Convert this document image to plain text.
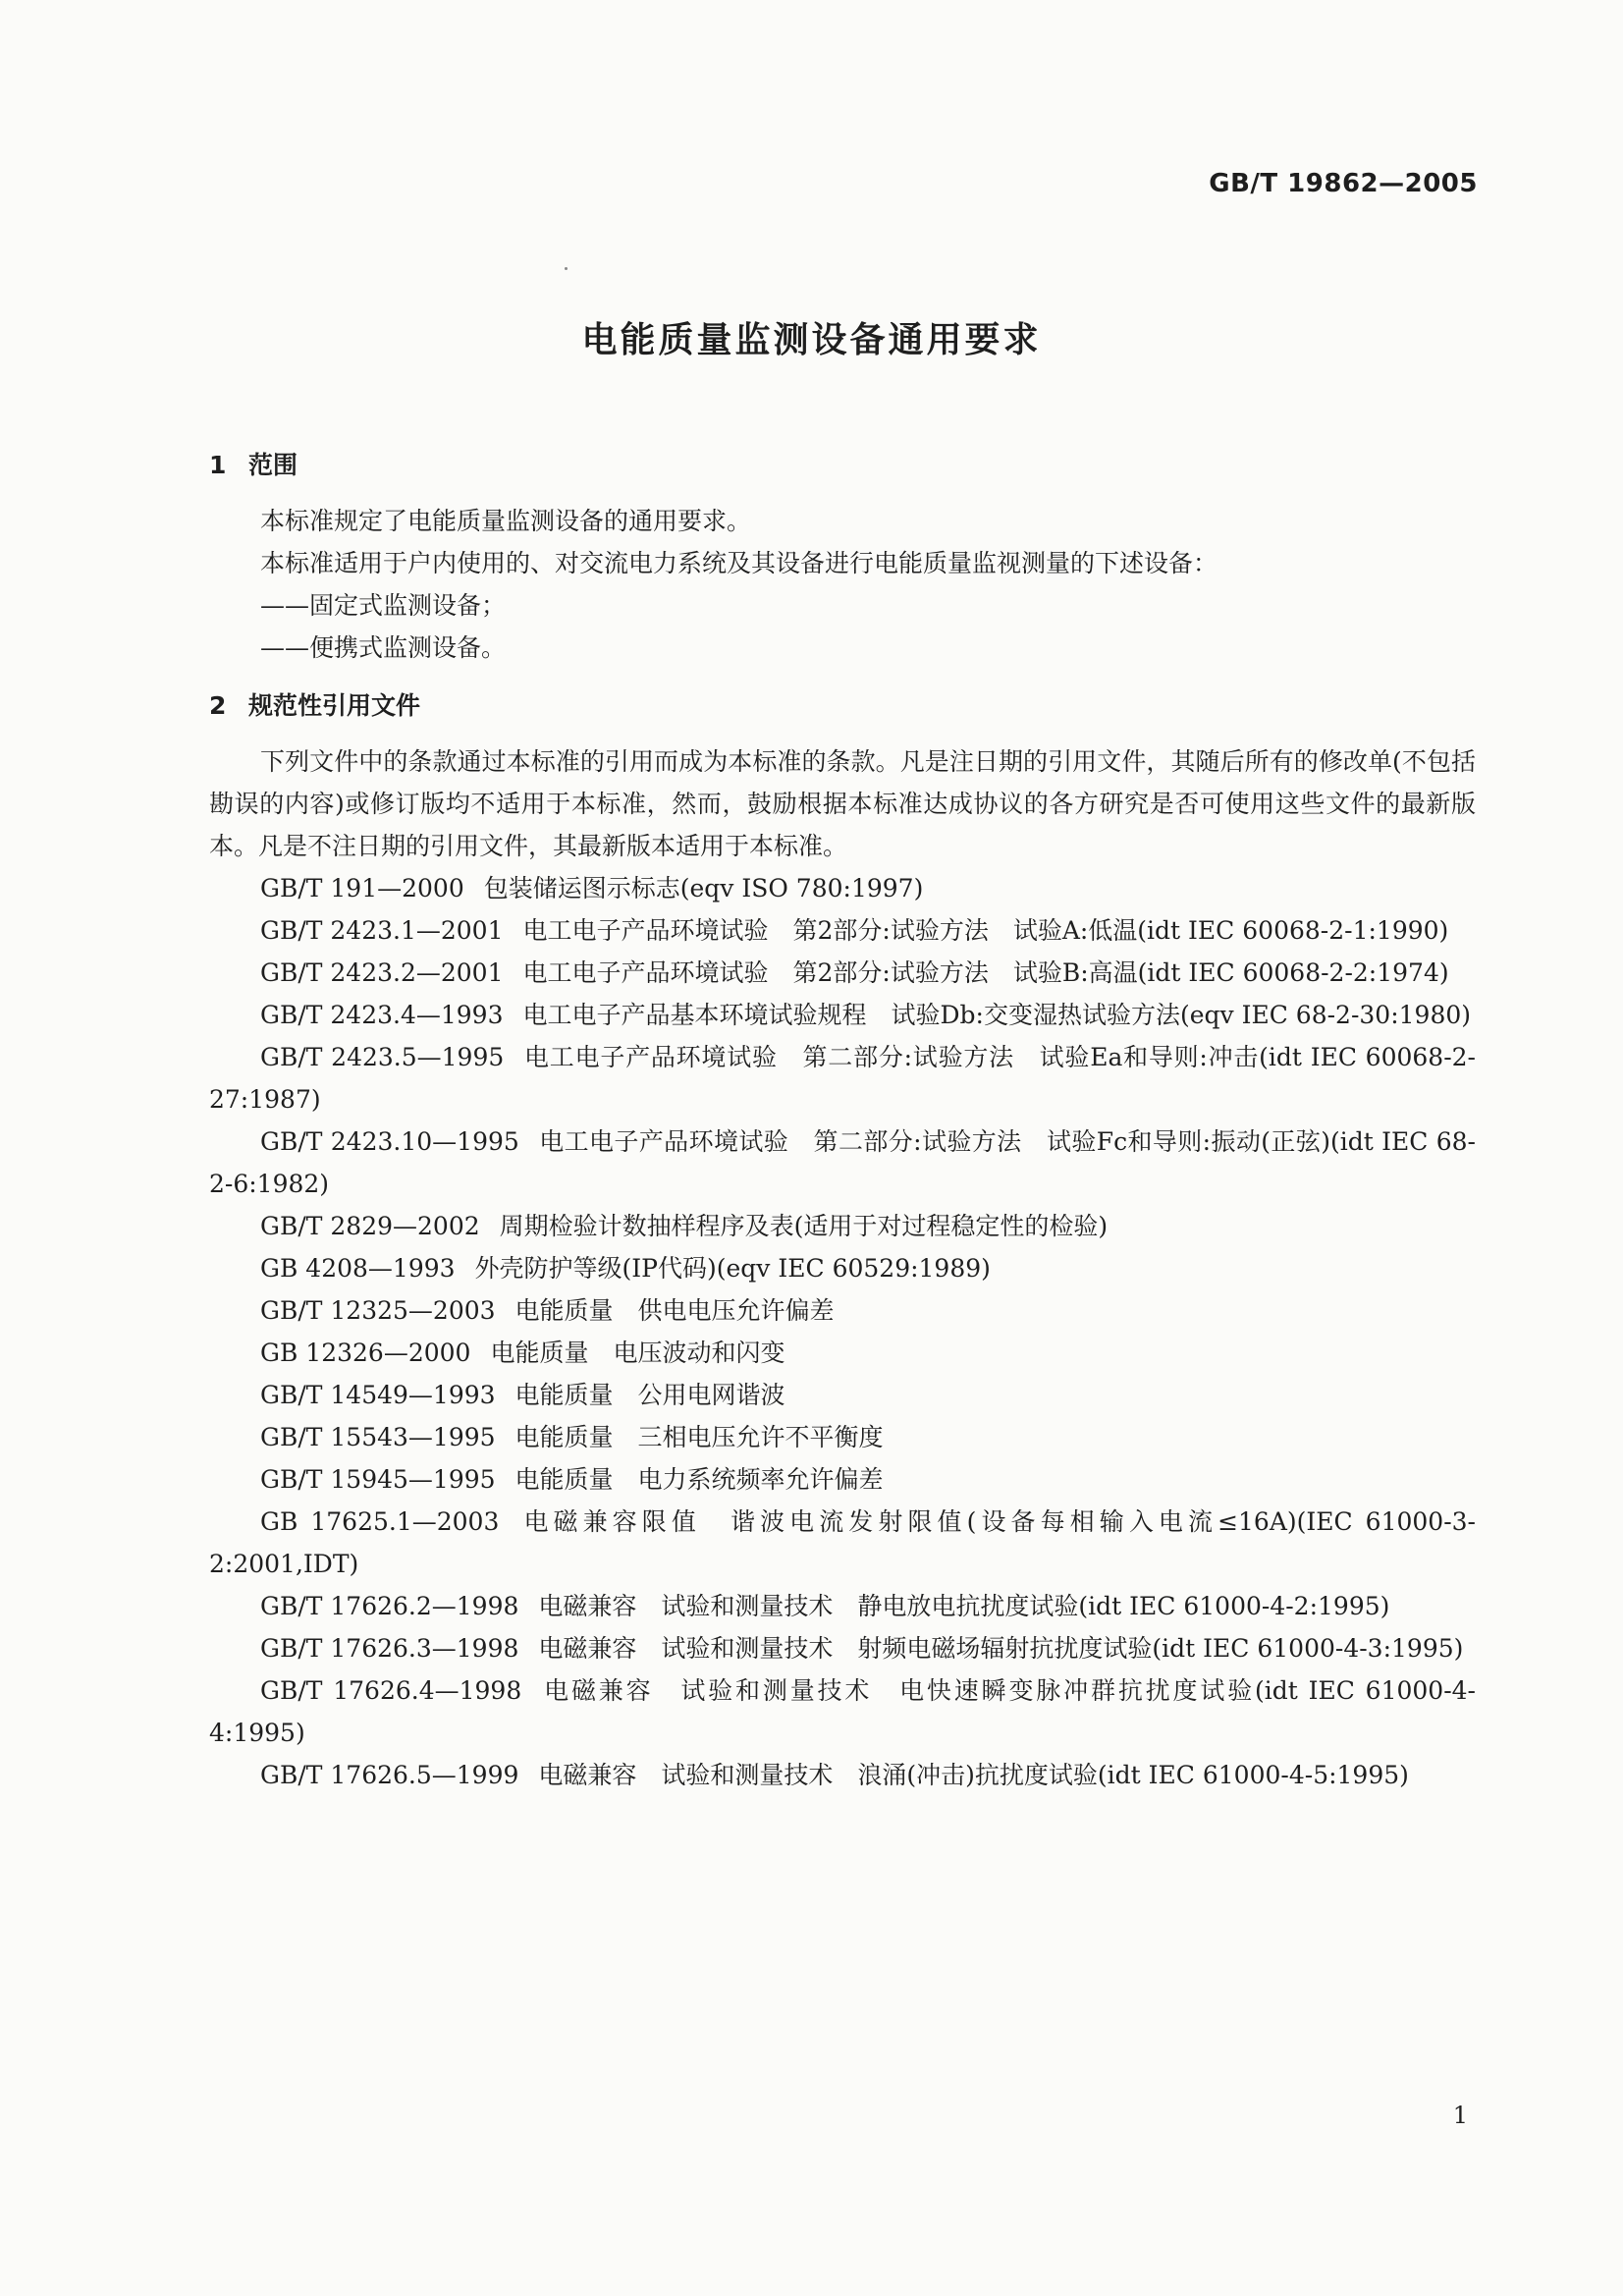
GB/T 19862—2005
电能质量监测设备通用要求
1 范围

本标准规定了电能质量监测设备的通用要求。

本标准适用于户内使用的、对交流电力系统及其设备进行电能质量监视测量的下述设备：

——固定式监测设备；

——便携式监测设备。

2 规范性引用文件

下列文件中的条款通过本标准的引用而成为本标准的条款。凡是注日期的引用文件，其随后所有的修改单(不包括勘误的内容)或修订版均不适用于本标准，然而，鼓励根据本标准达成协议的各方研究是否可使用这些文件的最新版本。凡是不注日期的引用文件，其最新版本适用于本标准。

GB/T 191—2000 包装储运图示标志(eqv ISO 780:1997)

GB/T 2423.1—2001 电工电子产品环境试验　第2部分:试验方法　试验A:低温(idt IEC 60068-2-1:1990)

GB/T 2423.2—2001 电工电子产品环境试验　第2部分:试验方法　试验B:高温(idt IEC 60068-2-2:1974)

GB/T 2423.4—1993 电工电子产品基本环境试验规程　试验Db:交变湿热试验方法(eqv IEC 68-2-30:1980)

GB/T 2423.5—1995 电工电子产品环境试验　第二部分:试验方法　试验Ea和导则:冲击(idt IEC 60068-2-27:1987)

GB/T 2423.10—1995 电工电子产品环境试验　第二部分:试验方法　试验Fc和导则:振动(正弦)(idt IEC 68-2-6:1982)

GB/T 2829—2002 周期检验计数抽样程序及表(适用于对过程稳定性的检验)

GB 4208—1993 外壳防护等级(IP代码)(eqv IEC 60529:1989)

GB/T 12325—2003 电能质量　供电电压允许偏差

GB 12326—2000 电能质量　电压波动和闪变

GB/T 14549—1993 电能质量　公用电网谐波

GB/T 15543—1995 电能质量　三相电压允许不平衡度

GB/T 15945—1995 电能质量　电力系统频率允许偏差

GB 17625.1—2003 电磁兼容限值　谐波电流发射限值(设备每相输入电流≤16A)(IEC 61000-3-2:2001,IDT)

GB/T 17626.2—1998 电磁兼容　试验和测量技术　静电放电抗扰度试验(idt IEC 61000-4-2:1995)

GB/T 17626.3—1998 电磁兼容　试验和测量技术　射频电磁场辐射抗扰度试验(idt IEC 61000-4-3:1995)

GB/T 17626.4—1998 电磁兼容　试验和测量技术　电快速瞬变脉冲群抗扰度试验(idt IEC 61000-4-4:1995)

GB/T 17626.5—1999 电磁兼容　试验和测量技术　浪涌(冲击)抗扰度试验(idt IEC 61000-4-5:1995)

1
